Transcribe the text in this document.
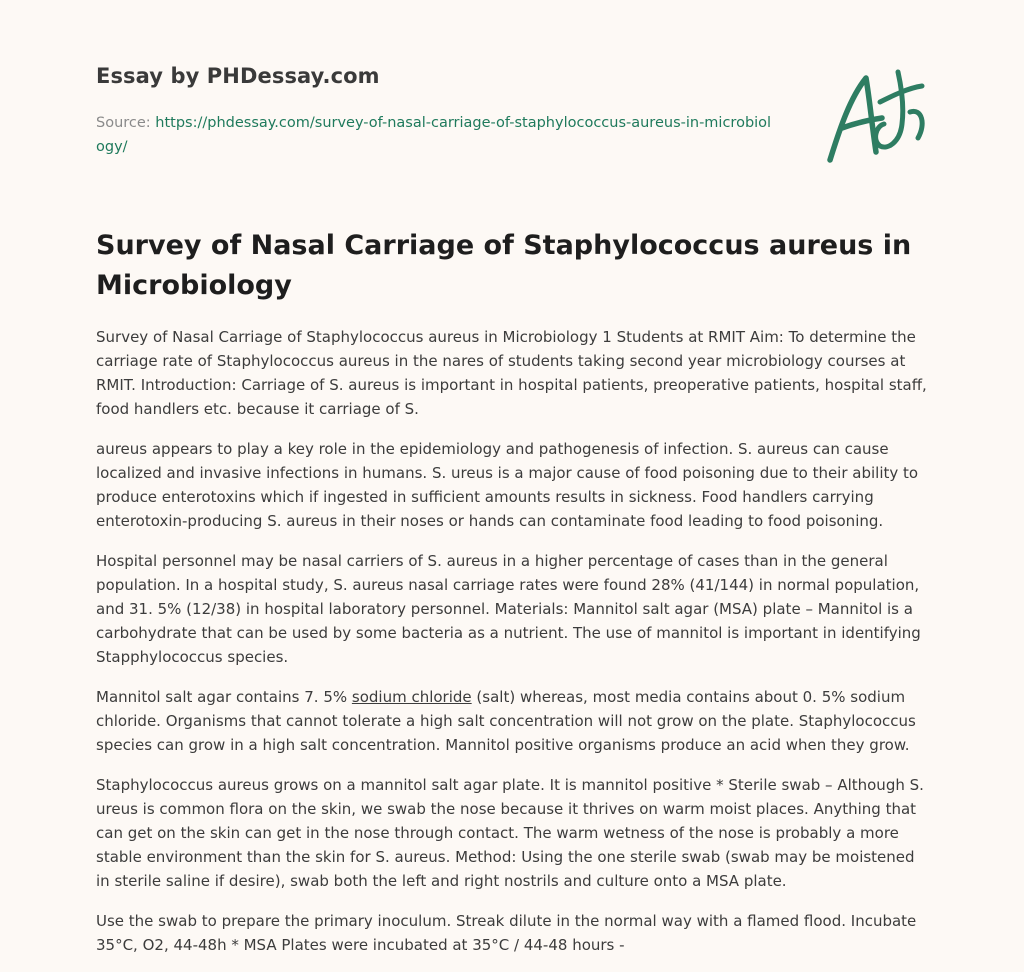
Essay by PHDessay.com
Source: https://phdessay.com/survey-of-nasal-carriage-of-staphylococcus-aureus-in-microbiology/
Survey of Nasal Carriage of Staphylococcus aureus in Microbiology

Survey of Nasal Carriage of Staphylococcus aureus in Microbiology 1 Students at RMIT Aim: To determine the carriage rate of Staphylococcus aureus in the nares of students taking second year microbiology courses at RMIT. Introduction: Carriage of S. aureus is important in hospital patients, preoperative patients, hospital staff, food handlers etc. because it carriage of S.

aureus appears to play a key role in the epidemiology and pathogenesis of infection. S. aureus can cause localized and invasive infections in humans. S. ureus is a major cause of food poisoning due to their ability to produce enterotoxins which if ingested in sufficient amounts results in sickness. Food handlers carrying enterotoxin-producing S. aureus in their noses or hands can contaminate food leading to food poisoning.

Hospital personnel may be nasal carriers of S. aureus in a higher percentage of cases than in the general population. In a hospital study, S. aureus nasal carriage rates were found 28% (41/144) in normal population, and 31. 5% (12/38) in hospital laboratory personnel. Materials: Mannitol salt agar (MSA) plate – Mannitol is a carbohydrate that can be used by some bacteria as a nutrient. The use of mannitol is important in identifying Stapphylococcus species.

Mannitol salt agar contains 7. 5% sodium chloride (salt) whereas, most media contains about 0. 5% sodium chloride. Organisms that cannot tolerate a high salt concentration will not grow on the plate. Staphylococcus species can grow in a high salt concentration. Mannitol positive organisms produce an acid when they grow.

Staphylococcus aureus grows on a mannitol salt agar plate. It is mannitol positive * Sterile swab – Although S. ureus is common flora on the skin, we swab the nose because it thrives on warm moist places. Anything that can get on the skin can get in the nose through contact. The warm wetness of the nose is probably a more stable environment than the skin for S. aureus. Method: Using the one sterile swab (swab may be moistened in sterile saline if desire), swab both the left and right nostrils and culture onto a MSA plate.

Use the swab to prepare the primary inoculum. Streak dilute in the normal way with a flamed flood. Incubate 35°C, O2, 44-48h * MSA Plates were incubated at 35°C / 44-48 hours -
